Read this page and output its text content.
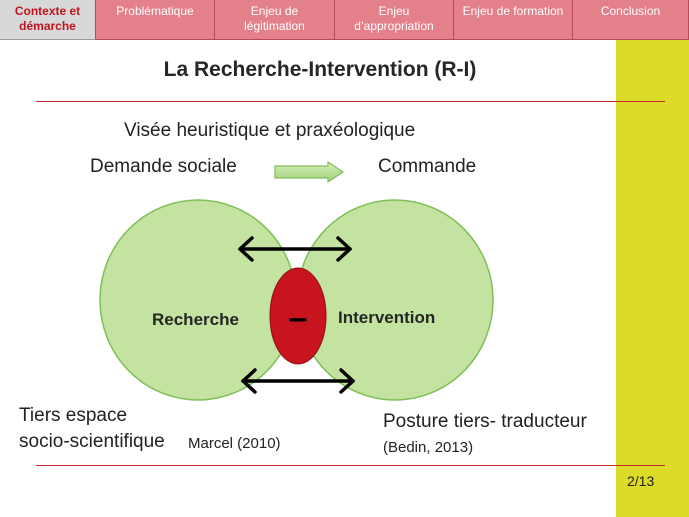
Contexte et
démarche
Problématique	Enjeu de
légitimation
Enjeu
d’appropriation
Enjeu de formation	Conclusion
La Recherche-Intervention (R-I)
Visée heuristique et praxéologique
Demande sociale	Commande
Recherche	Intervention
–
Tiers espace
socio-scientifique Marcel (2010)
Posture tiers- traducteur
(Bedin, 2013)
2/13
